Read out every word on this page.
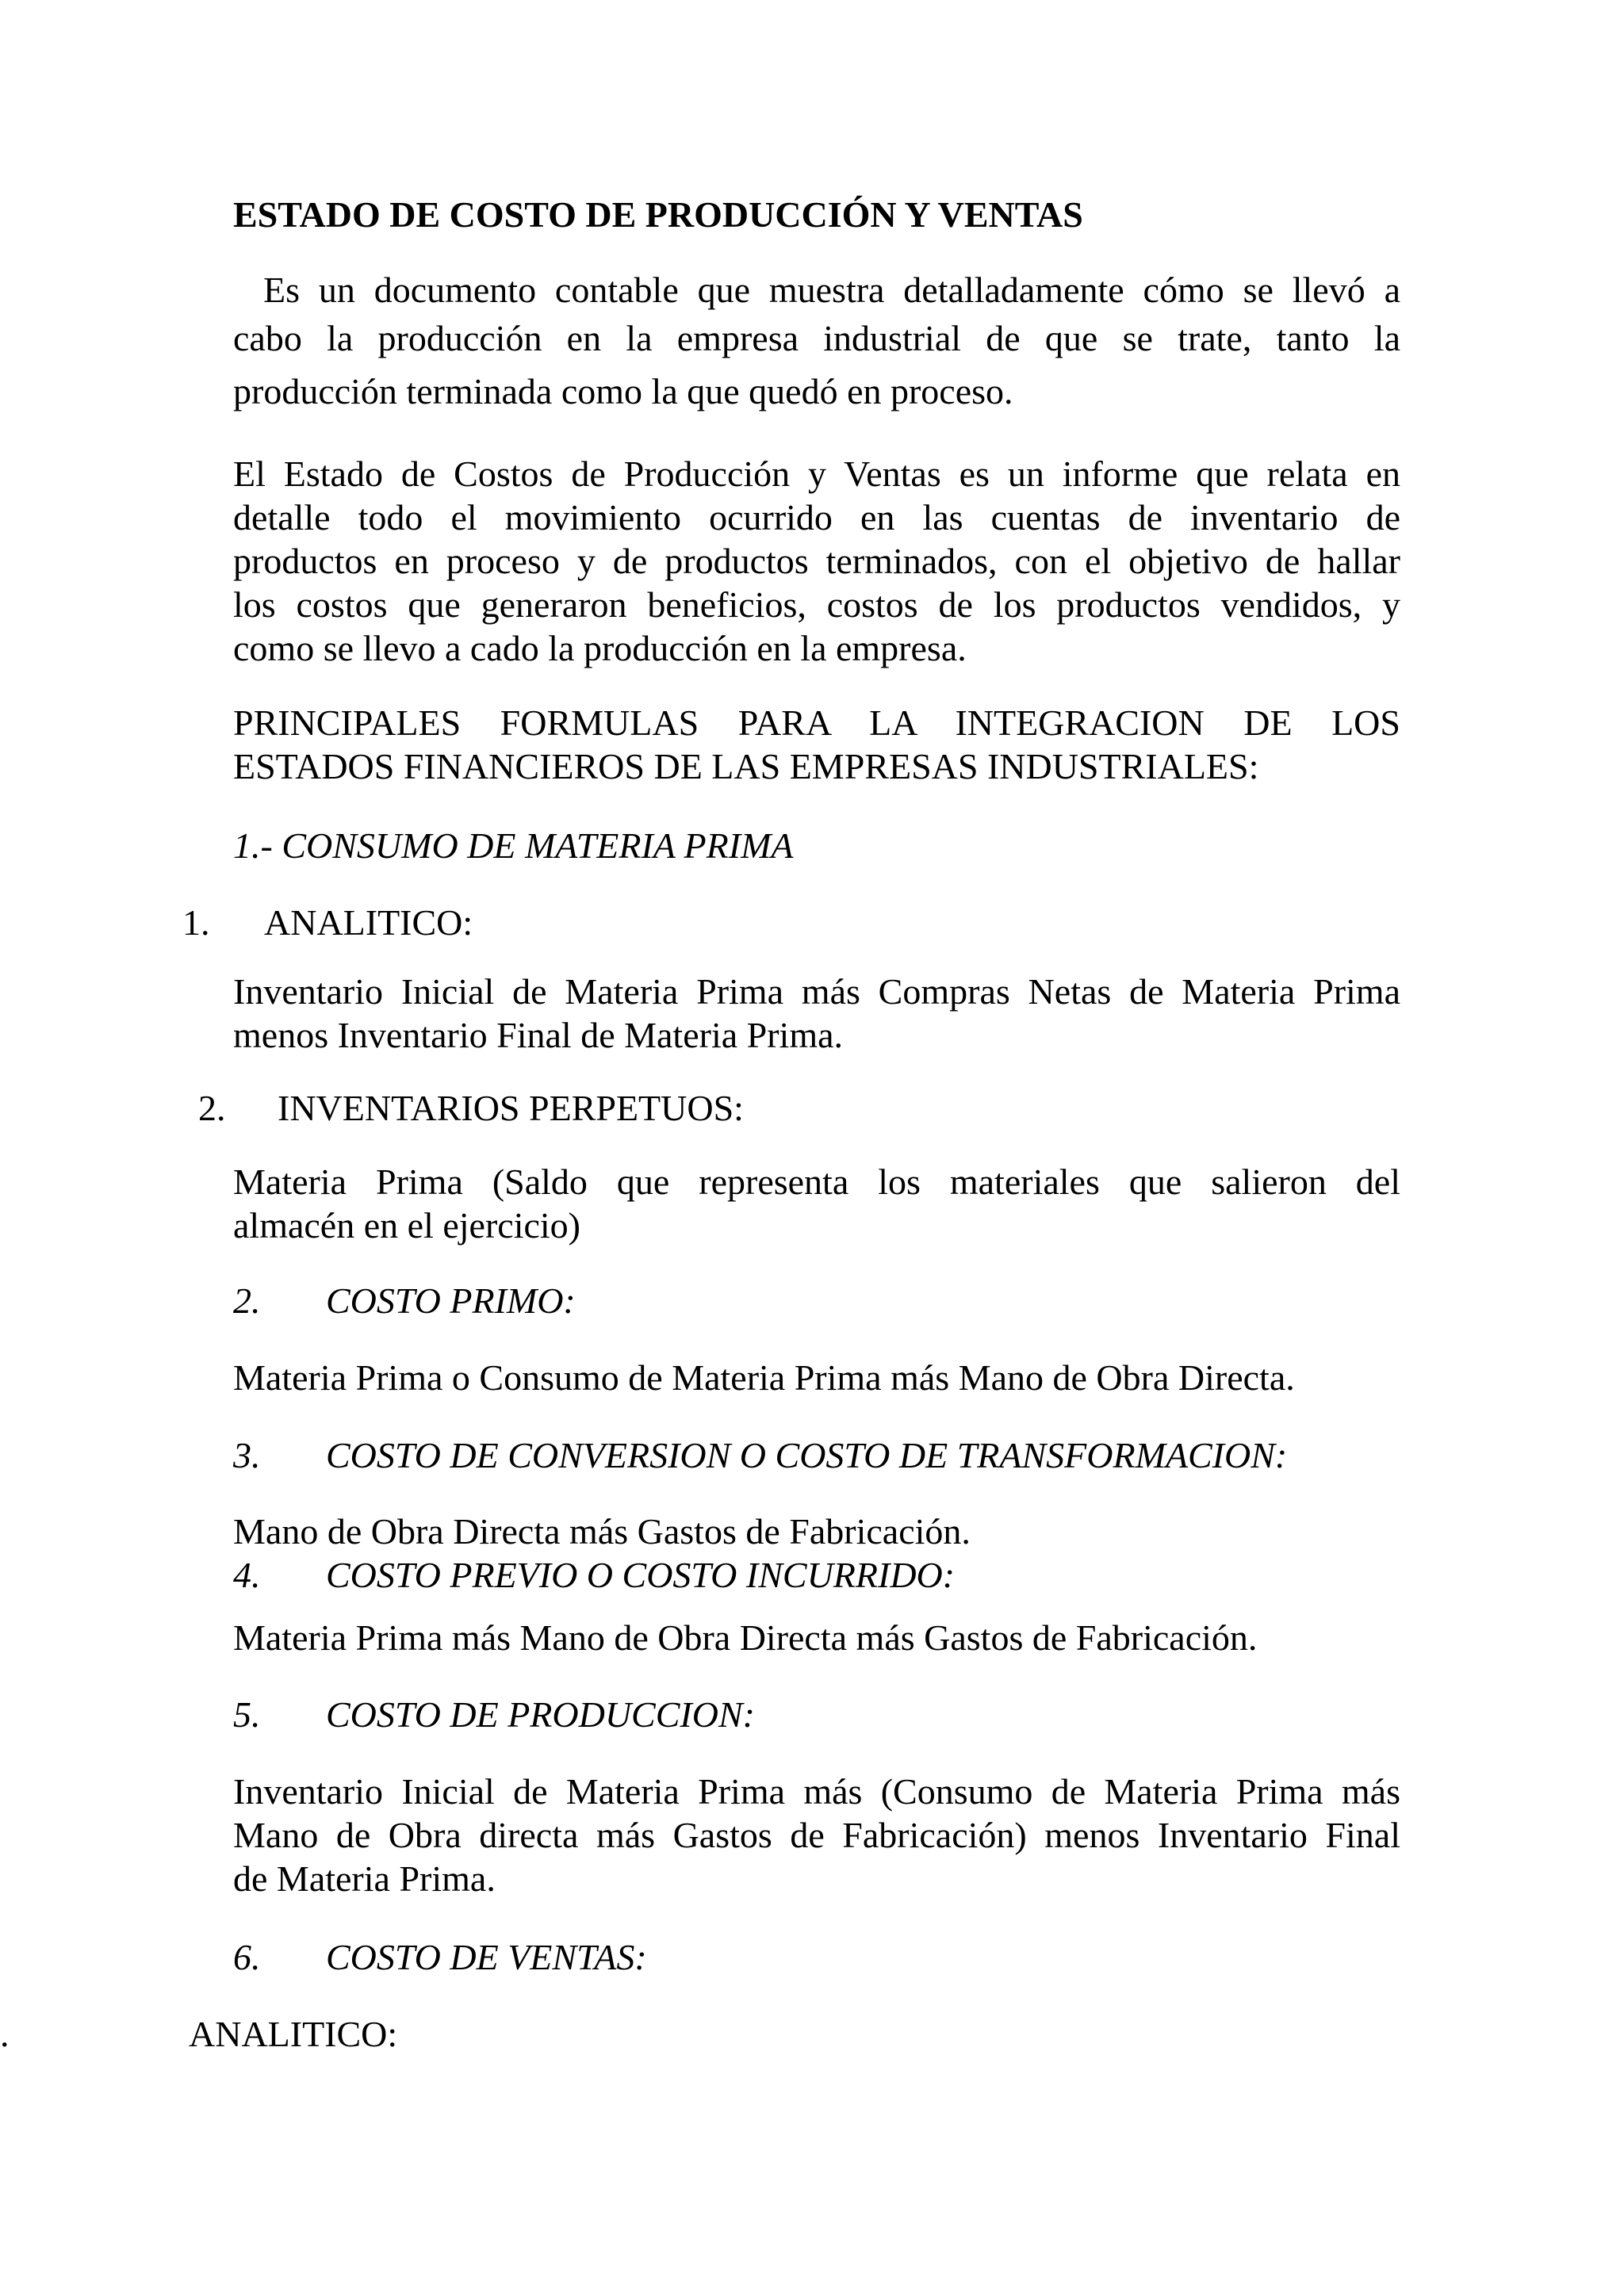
ESTADO DE COSTO DE PRODUCCIÓN Y VENTAS
Es un documento contable que muestra detalladamente cómo se llevó a
cabo la producción en la empresa industrial de que se trate, tanto la
producción terminada como la que quedó en proceso.
El Estado de Costos de Producción y Ventas es un informe que relata en
detalle todo el movimiento ocurrido en las cuentas de inventario de
productos en proceso y de productos terminados, con el objetivo de hallar
los costos que generaron beneficios, costos de los productos vendidos, y
como se llevo a cado la producción en la empresa.
PRINCIPALES FORMULAS PARA LA INTEGRACION DE LOS
ESTADOS FINANCIEROS DE LAS EMPRESAS INDUSTRIALES:
1.- CONSUMO DE MATERIA PRIMA
1. ANALITICO:
Inventario Inicial de Materia Prima más Compras Netas de Materia Prima
menos Inventario Final de Materia Prima.
2. INVENTARIOS PERPETUOS:
Materia Prima (Saldo que representa los materiales que salieron del
almacén en el ejercicio)
2. COSTO PRIMO:
Materia Prima o Consumo de Materia Prima más Mano de Obra Directa.
3. COSTO DE CONVERSION O COSTO DE TRANSFORMACION:
Mano de Obra Directa más Gastos de Fabricación.
4. COSTO PREVIO O COSTO INCURRIDO:
Materia Prima más Mano de Obra Directa más Gastos de Fabricación.
5. COSTO DE PRODUCCION:
Inventario Inicial de Materia Prima más (Consumo de Materia Prima más
Mano de Obra directa más Gastos de Fabricación) menos Inventario Final
de Materia Prima.
6. COSTO DE VENTAS:
.	ANALITICO:
